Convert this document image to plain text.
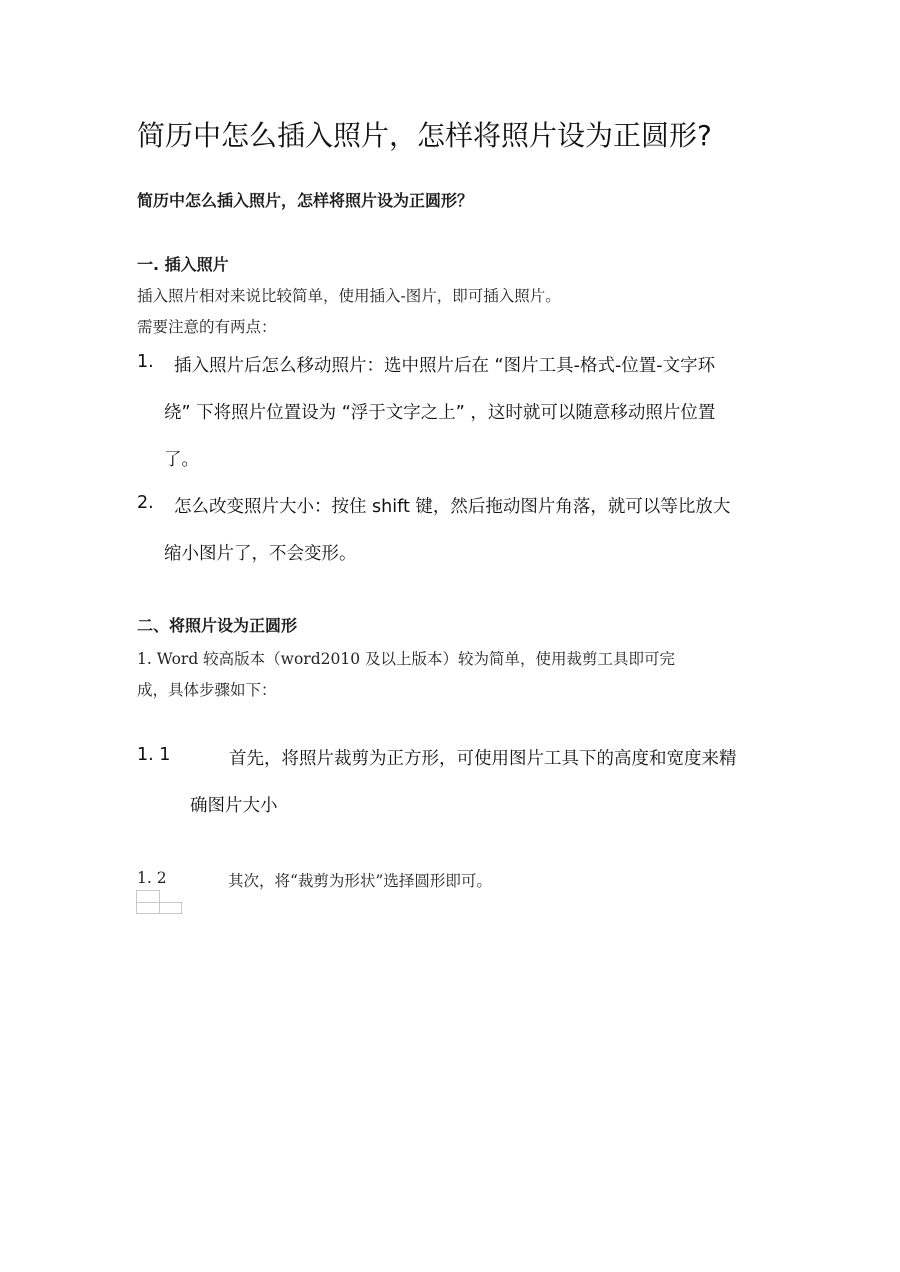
简历中怎么插入照片，怎样将照片设为正圆形?
简历中怎么插入照片，怎样将照片设为正圆形？
一. 插入照片
插入照片相对来说比较简单，使用插入-图片，即可插入照片。
需要注意的有两点：
1. 插入照片后怎么移动照片：选中照片后在 “图片工具-格式-位置-文字环
绕” 下将照片位置设为 “浮于文字之上” ，这时就可以随意移动照片位置
了。
2. 怎么改变照片大小：按住 shift 键，然后拖动图片角落，就可以等比放大
缩小图片了，不会变形。
二、将照片设为正圆形
1. Word 较高版本（word2010 及以上版本）较为简单，使用裁剪工具即可完
成，具体步骤如下：
1. 1	首先，将照片裁剪为正方形，可使用图片工具下的高度和宽度来精
确图片大小
1. 2	其次，将“裁剪为形状”选择圆形即可。
